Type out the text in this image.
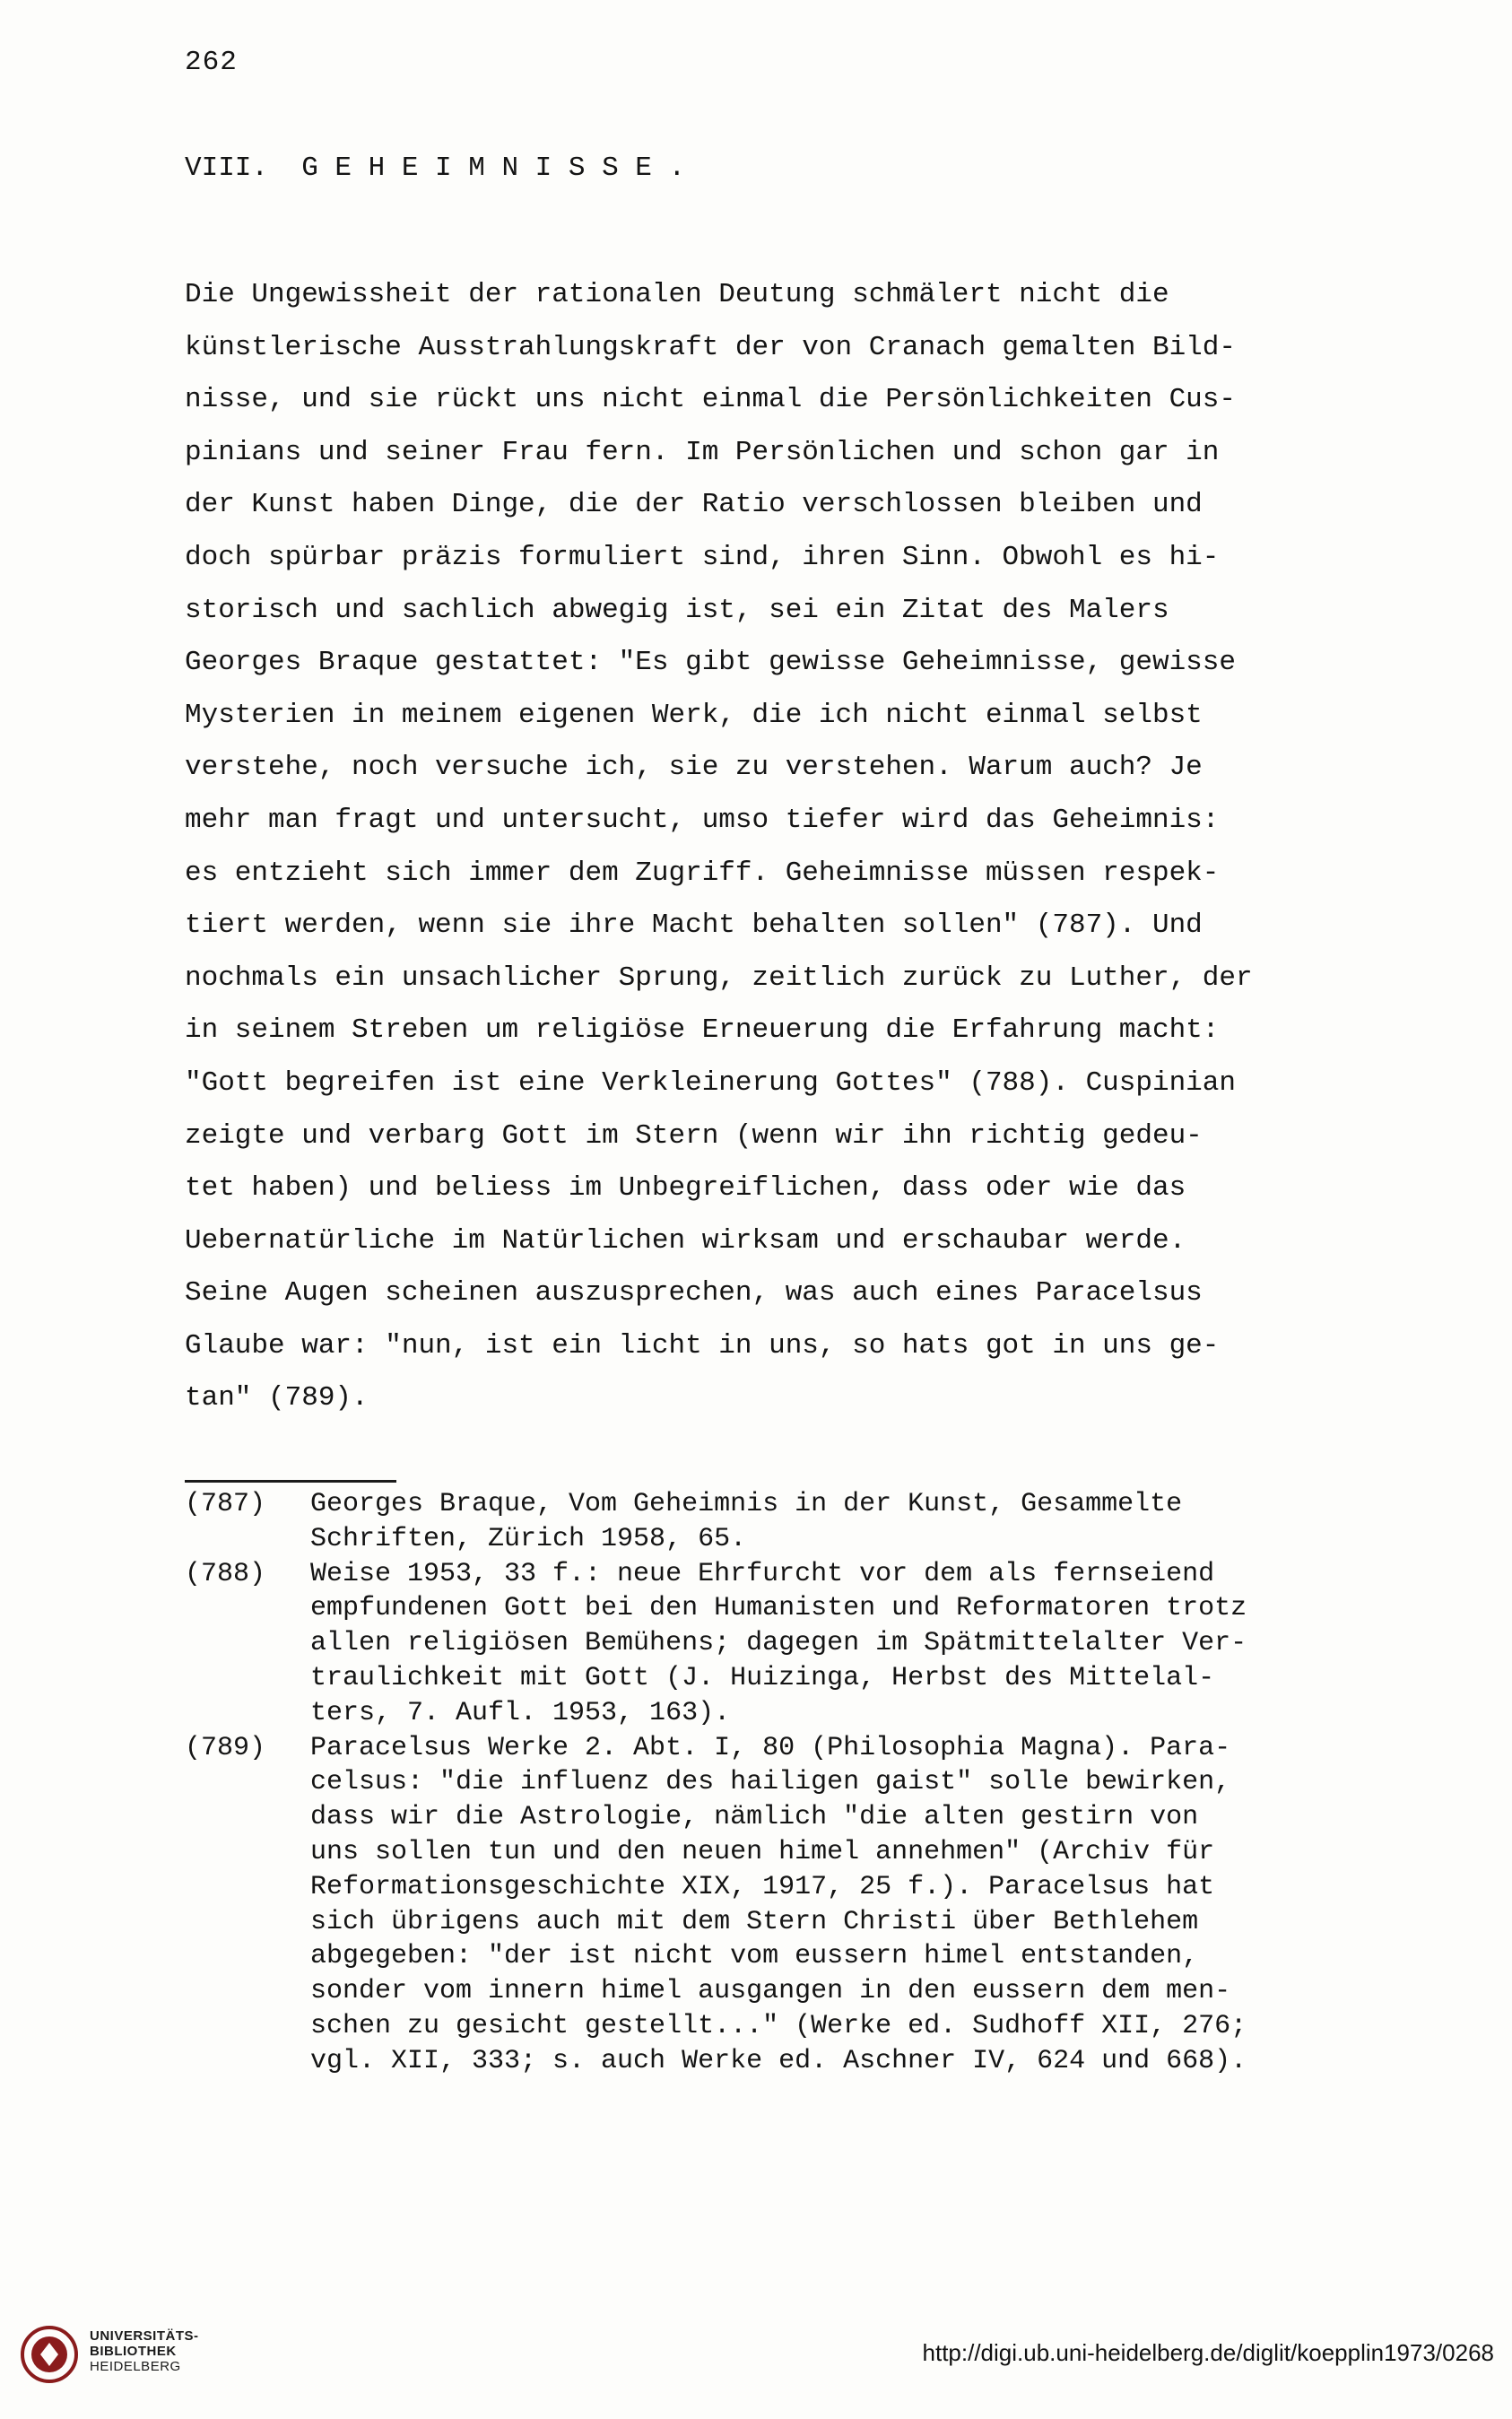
262
VIII.  G E H E I M N I S S E .
Die Ungewissheit der rationalen Deutung schmälert nicht die
künstlerische Ausstrahlungskraft der von Cranach gemalten Bild-
nisse, und sie rückt uns nicht einmal die Persönlichkeiten Cus-
pinians und seiner Frau fern. Im Persönlichen und schon gar in
der Kunst haben Dinge, die der Ratio verschlossen bleiben und
doch spürbar präzis formuliert sind, ihren Sinn. Obwohl es hi-
storisch und sachlich abwegig ist, sei ein Zitat des Malers
Georges Braque gestattet: "Es gibt gewisse Geheimnisse, gewisse
Mysterien in meinem eigenen Werk, die ich nicht einmal selbst
verstehe, noch versuche ich, sie zu verstehen. Warum auch? Je
mehr man fragt und untersucht, umso tiefer wird das Geheimnis:
es entzieht sich immer dem Zugriff. Geheimnisse müssen respek-
tiert werden, wenn sie ihre Macht behalten sollen" (787). Und
nochmals ein unsachlicher Sprung, zeitlich zurück zu Luther, der
in seinem Streben um religiöse Erneuerung die Erfahrung macht:
"Gott begreifen ist eine Verkleinerung Gottes" (788). Cuspinian
zeigte und verbarg Gott im Stern (wenn wir ihn richtig gedeu-
tet haben) und beliess im Unbegreiflichen, dass oder wie das
Uebernatürliche im Natürlichen wirksam und erschaubar werde.
Seine Augen scheinen auszusprechen, was auch eines Paracelsus
Glaube war: "nun, ist ein licht in uns, so hats got in uns ge-
tan" (789).
(787)	Georges Braque, Vom Geheimnis in der Kunst, Gesammelte
Schriften, Zürich 1958, 65.
(788)	Weise 1953, 33 f.: neue Ehrfurcht vor dem als fernseiend
empfundenen Gott bei den Humanisten und Reformatoren trotz
allen religiösen Bemühens; dagegen im Spätmittelalter Ver-
traulichkeit mit Gott (J. Huizinga, Herbst des Mittelal-
ters, 7. Aufl. 1953, 163).
(789)	Paracelsus Werke 2. Abt. I, 80 (Philosophia Magna). Para-
celsus: "die influenz des hailigen gaist" solle bewirken,
dass wir die Astrologie, nämlich "die alten gestirn von
uns sollen tun und den neuen himel annehmen" (Archiv für
Reformationsgeschichte XIX, 1917, 25 f.). Paracelsus hat
sich übrigens auch mit dem Stern Christi über Bethlehem
abgegeben: "der ist nicht vom eussern himel entstanden,
sonder vom innern himel ausgangen in den eussern dem men-
schen zu gesicht gestellt..." (Werke ed. Sudhoff XII, 276;
vgl. XII, 333; s. auch Werke ed. Aschner IV, 624 und 668).
UNIVERSITÄTS-
BIBLIOTHEK
HEIDELBERG
http://digi.ub.uni-heidelberg.de/diglit/koepplin1973/0268
